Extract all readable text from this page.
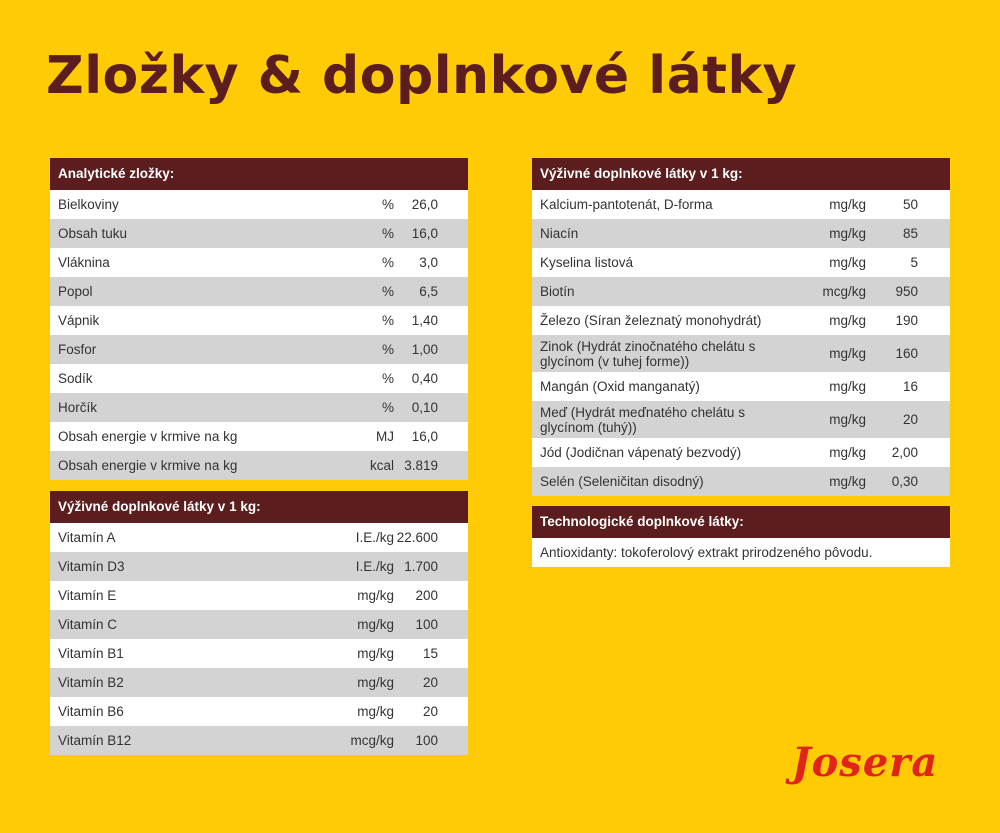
Zložky & doplnkové látky
Analytické zložky:
Bielkoviny	%	26,0
Obsah tuku	%	16,0
Vláknina	%	3,0
Popol	%	6,5
Vápnik	%	1,40
Fosfor	%	1,00
Sodík	%	0,40
Horčík	%	0,10
Obsah energie v krmive na kg	MJ	16,0
Obsah energie v krmive na kg	kcal 3.819
Výživné doplnkové látky v 1 kg:
Vitamín A	I.E./kg 22.600
Vitamín D3	I.E./kg 1.700
Vitamín E	mg/kg	200
Vitamín C	mg/kg	100
Vitamín B1	mg/kg	15
Vitamín B2	mg/kg	20
Vitamín B6	mg/kg	20
Vitamín B12	mcg/kg	100
Výživné doplnkové látky v 1 kg:
Kalcium-pantotenát, D-forma	mg/kg	50
Niacín	mg/kg	85
Kyselina listová	mg/kg	5
Biotín	mcg/kg	950
Železo (Síran železnatý monohydrát)	mg/kg	190
Zinok (Hydrát zinočnatého chelátu s glycínom (v tuhej forme))	mg/kg	160
Mangán (Oxid manganatý)	mg/kg	16
Meď (Hydrát meďnatého chelátu s glycínom (tuhý))	mg/kg	20
Jód (Jodičnan vápenatý bezvodý)	mg/kg	2,00
Selén (Seleničitan disodný)	mg/kg	0,30
Technologické doplnkové látky:
Antioxidanty: tokoferolový extrakt prirodzeného pôvodu.
Josera
